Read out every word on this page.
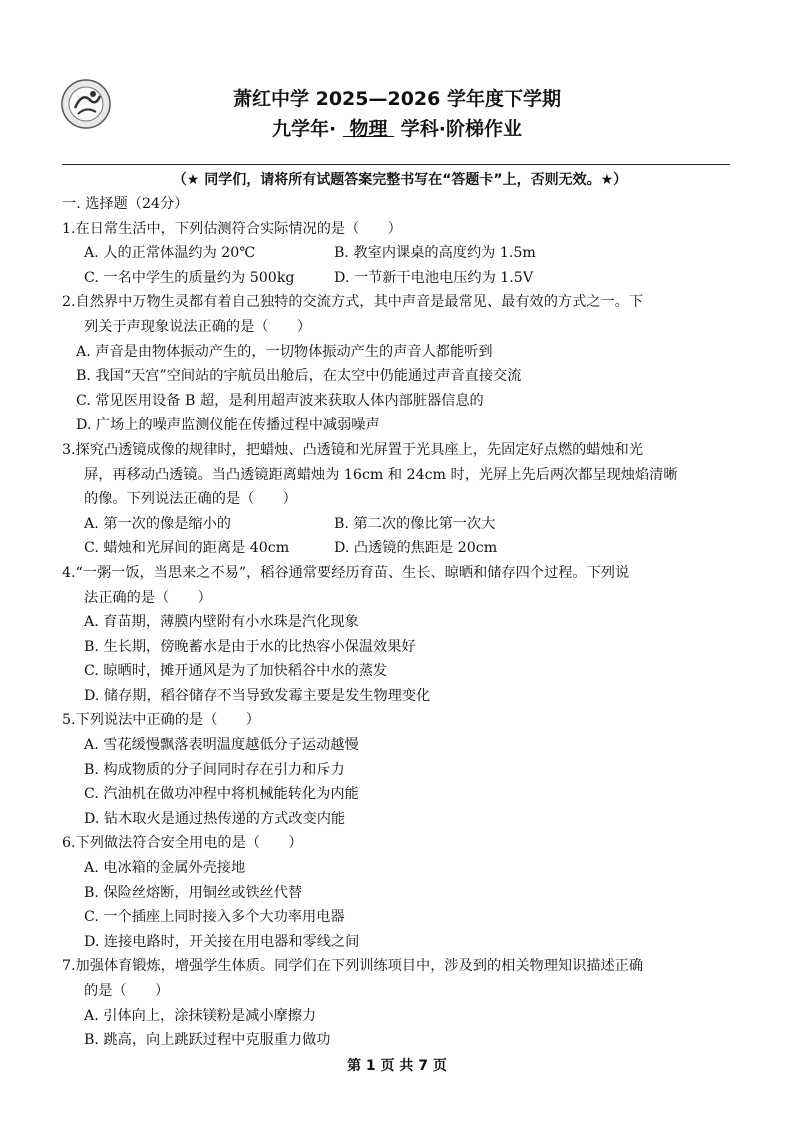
萧红中学 2025—2026 学年度下学期
九学年· 物理 学科·阶梯作业
（★ 同学们，请将所有试题答案完整书写在“答题卡”上，否则无效。★）
一. 选择题（24分）
1.在日常生活中，下列估测符合实际情况的是（　　）
A. 人的正常体温约为 20℃	B. 教室内课桌的高度约为 1.5m
C. 一名中学生的质量约为 500kg	D. 一节新干电池电压约为 1.5V
2.自然界中万物生灵都有着自己独特的交流方式，其中声音是最常见、最有效的方式之一。下
列关于声现象说法正确的是（　　）
A. 声音是由物体振动产生的，一切物体振动产生的声音人都能听到
B. 我国“天宫”空间站的宇航员出舱后，在太空中仍能通过声音直接交流
C. 常见医用设备 B 超，是利用超声波来获取人体内部脏器信息的
D. 广场上的噪声监测仪能在传播过程中减弱噪声
3.探究凸透镜成像的规律时，把蜡烛、凸透镜和光屏置于光具座上，先固定好点燃的蜡烛和光
屏，再移动凸透镜。当凸透镜距离蜡烛为 16cm 和 24cm 时，光屏上先后两次都呈现烛焰清晰
的像。下列说法正确的是（　　）
A. 第一次的像是缩小的	B. 第二次的像比第一次大
C. 蜡烛和光屏间的距离是 40cm	D. 凸透镜的焦距是 20cm
4.“一粥一饭，当思来之不易”，稻谷通常要经历育苗、生长、晾晒和储存四个过程。下列说
法正确的是（　　）
A. 育苗期，薄膜内壁附有小水珠是汽化现象
B. 生长期，傍晚蓄水是由于水的比热容小保温效果好
C. 晾晒时，摊开通风是为了加快稻谷中水的蒸发
D. 储存期，稻谷储存不当导致发霉主要是发生物理变化
5.下列说法中正确的是（　　）
A. 雪花缓慢飘落表明温度越低分子运动越慢
B. 构成物质的分子间同时存在引力和斥力
C. 汽油机在做功冲程中将机械能转化为内能
D. 钻木取火是通过热传递的方式改变内能
6.下列做法符合安全用电的是（　　）
A. 电冰箱的金属外壳接地
B. 保险丝熔断，用铜丝或铁丝代替
C. 一个插座上同时接入多个大功率用电器
D. 连接电路时，开关接在用电器和零线之间
7.加强体育锻炼，增强学生体质。同学们在下列训练项目中，涉及到的相关物理知识描述正确
的是（　　）
A. 引体向上，涂抹镁粉是减小摩擦力
B. 跳高，向上跳跃过程中克服重力做功
第 1 页 共 7 页
